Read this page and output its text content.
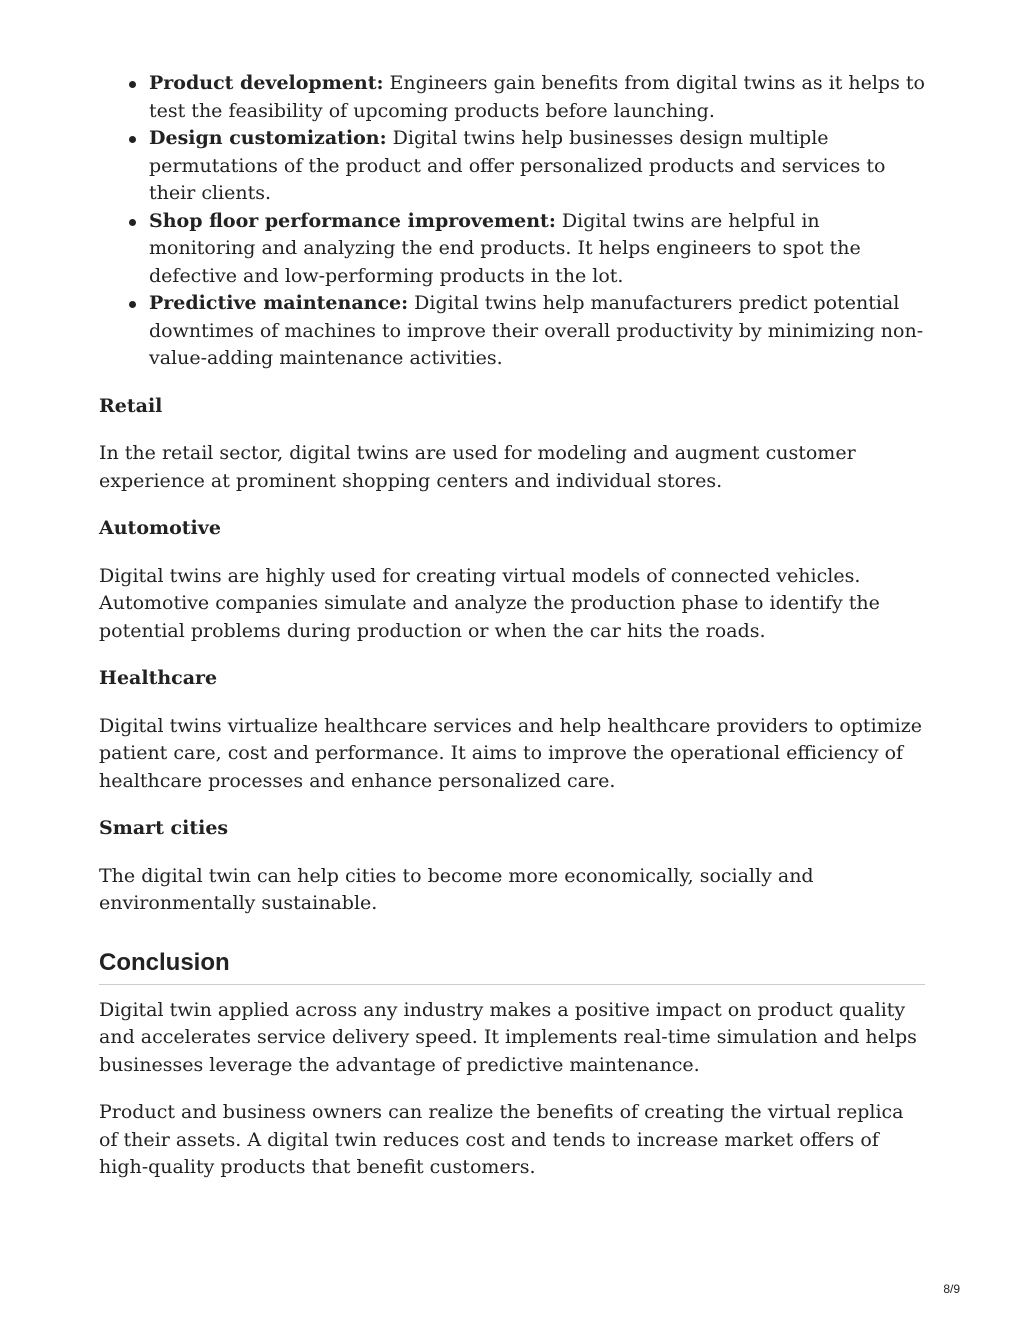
Product development: Engineers gain benefits from digital twins as it helps to test the feasibility of upcoming products before launching.
Design customization: Digital twins help businesses design multiple permutations of the product and offer personalized products and services to their clients.
Shop floor performance improvement: Digital twins are helpful in monitoring and analyzing the end products. It helps engineers to spot the defective and low-performing products in the lot.
Predictive maintenance: Digital twins help manufacturers predict potential downtimes of machines to improve their overall productivity by minimizing non-value-adding maintenance activities.
Retail
In the retail sector, digital twins are used for modeling and augment customer experience at prominent shopping centers and individual stores.
Automotive
Digital twins are highly used for creating virtual models of connected vehicles. Automotive companies simulate and analyze the production phase to identify the potential problems during production or when the car hits the roads.
Healthcare
Digital twins virtualize healthcare services and help healthcare providers to optimize patient care, cost and performance. It aims to improve the operational efficiency of healthcare processes and enhance personalized care.
Smart cities
The digital twin can help cities to become more economically, socially and environmentally sustainable.
Conclusion
Digital twin applied across any industry makes a positive impact on product quality and accelerates service delivery speed. It implements real-time simulation and helps businesses leverage the advantage of predictive maintenance.
Product and business owners can realize the benefits of creating the virtual replica of their assets. A digital twin reduces cost and tends to increase market offers of high-quality products that benefit customers.
8/9
